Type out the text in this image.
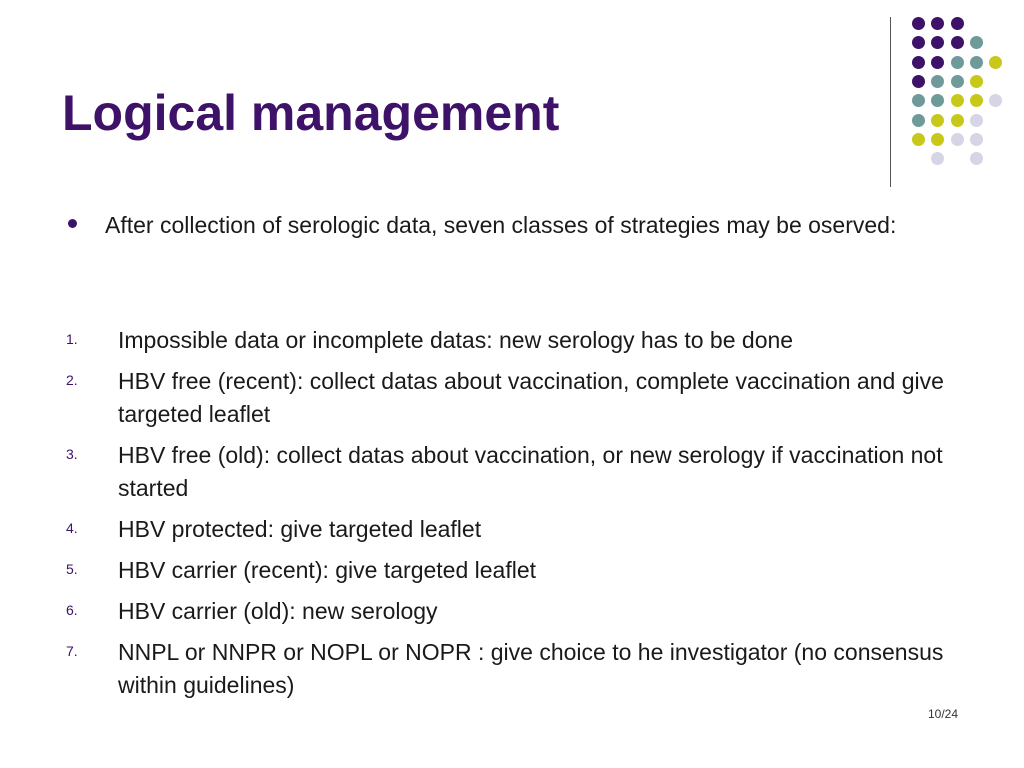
Logical management
After collection of serologic data, seven classes of strategies may be oserved:
1. Impossible data or incomplete datas: new serology has to be done
2. HBV free (recent): collect datas about vaccination, complete vaccination and give targeted leaflet
3. HBV free (old): collect datas about vaccination, or new serology if vaccination not started
4. HBV protected: give targeted leaflet
5. HBV carrier (recent): give targeted leaflet
6. HBV carrier (old): new serology
7. NNPL or NNPR or NOPL or NOPR : give choice to he investigator (no consensus within guidelines)
10/24
